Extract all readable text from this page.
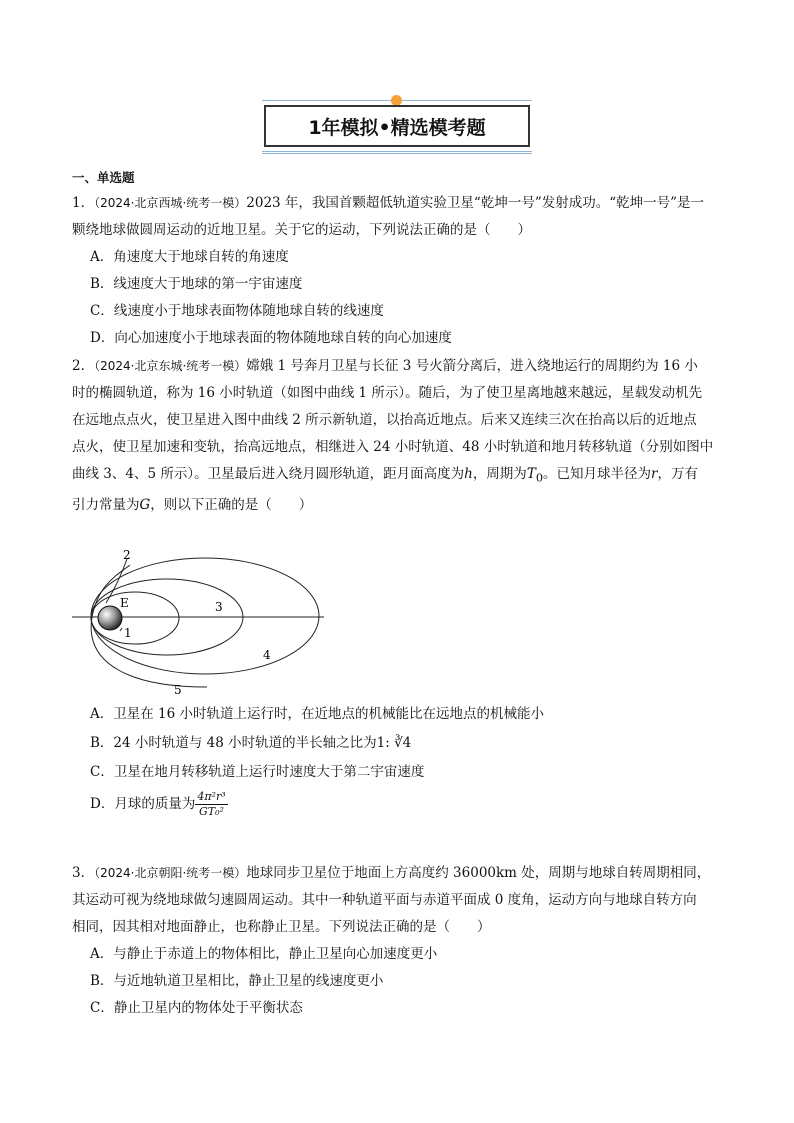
1年模拟•精选模考题
一、单选题

1．（2024·北京西城·统考一模）2023 年，我国首颗超低轨道实验卫星“乾坤一号”发射成功。“乾坤一号”是一
颗绕地球做圆周运动的近地卫星。关于它的运动，下列说法正确的是（　　）

A．角速度大于地球自转的角速度

B．线速度大于地球的第一宇宙速度

C．线速度小于地球表面物体随地球自转的线速度

D．向心加速度小于地球表面的物体随地球自转的向心加速度

2．（2024·北京东城·统考一模）嫦娥 1 号奔月卫星与长征 3 号火箭分离后，进入绕地运行的周期约为 16 小
时的椭圆轨道，称为 16 小时轨道（如图中曲线 1 所示）。随后，为了使卫星离地越来越远，星载发动机先
在远地点点火，使卫星进入图中曲线 2 所示新轨道，以抬高近地点。后来又连续三次在抬高以后的近地点
点火，使卫星加速和变轨，抬高远地点，相继进入 24 小时轨道、48 小时轨道和地月转移轨道（分别如图中
曲线 3、4、5 所示）。卫星最后进入绕月圆形轨道，距月面高度为h，周期为$T_0$。已知月球半径为r，万有
引力常量为G，则以下正确的是（　　）

E
1
2
3
4
5

A．卫星在 16 小时轨道上运行时，在近地点的机械能比在远地点的机械能小

B．24 小时轨道与 48 小时轨道的半长轴之比为1: ∛4

C．卫星在地月转移轨道上运行时速度大于第二宇宙速度

D．月球的质量为 $\frac{\text{4π²r³}}{\text{GT₀²}}$

3．（2024·北京朝阳·统考一模）地球同步卫星位于地面上方高度约 36000km 处，周期与地球自转周期相同，
其运动可视为绕地球做匀速圆周运动。其中一种轨道平面与赤道平面成 0 度角，运动方向与地球自转方向
相同，因其相对地面静止，也称静止卫星。下列说法正确的是（　　）

A．与静止于赤道上的物体相比，静止卫星向心加速度更小

B．与近地轨道卫星相比，静止卫星的线速度更小

C．静止卫星内的物体处于平衡状态
